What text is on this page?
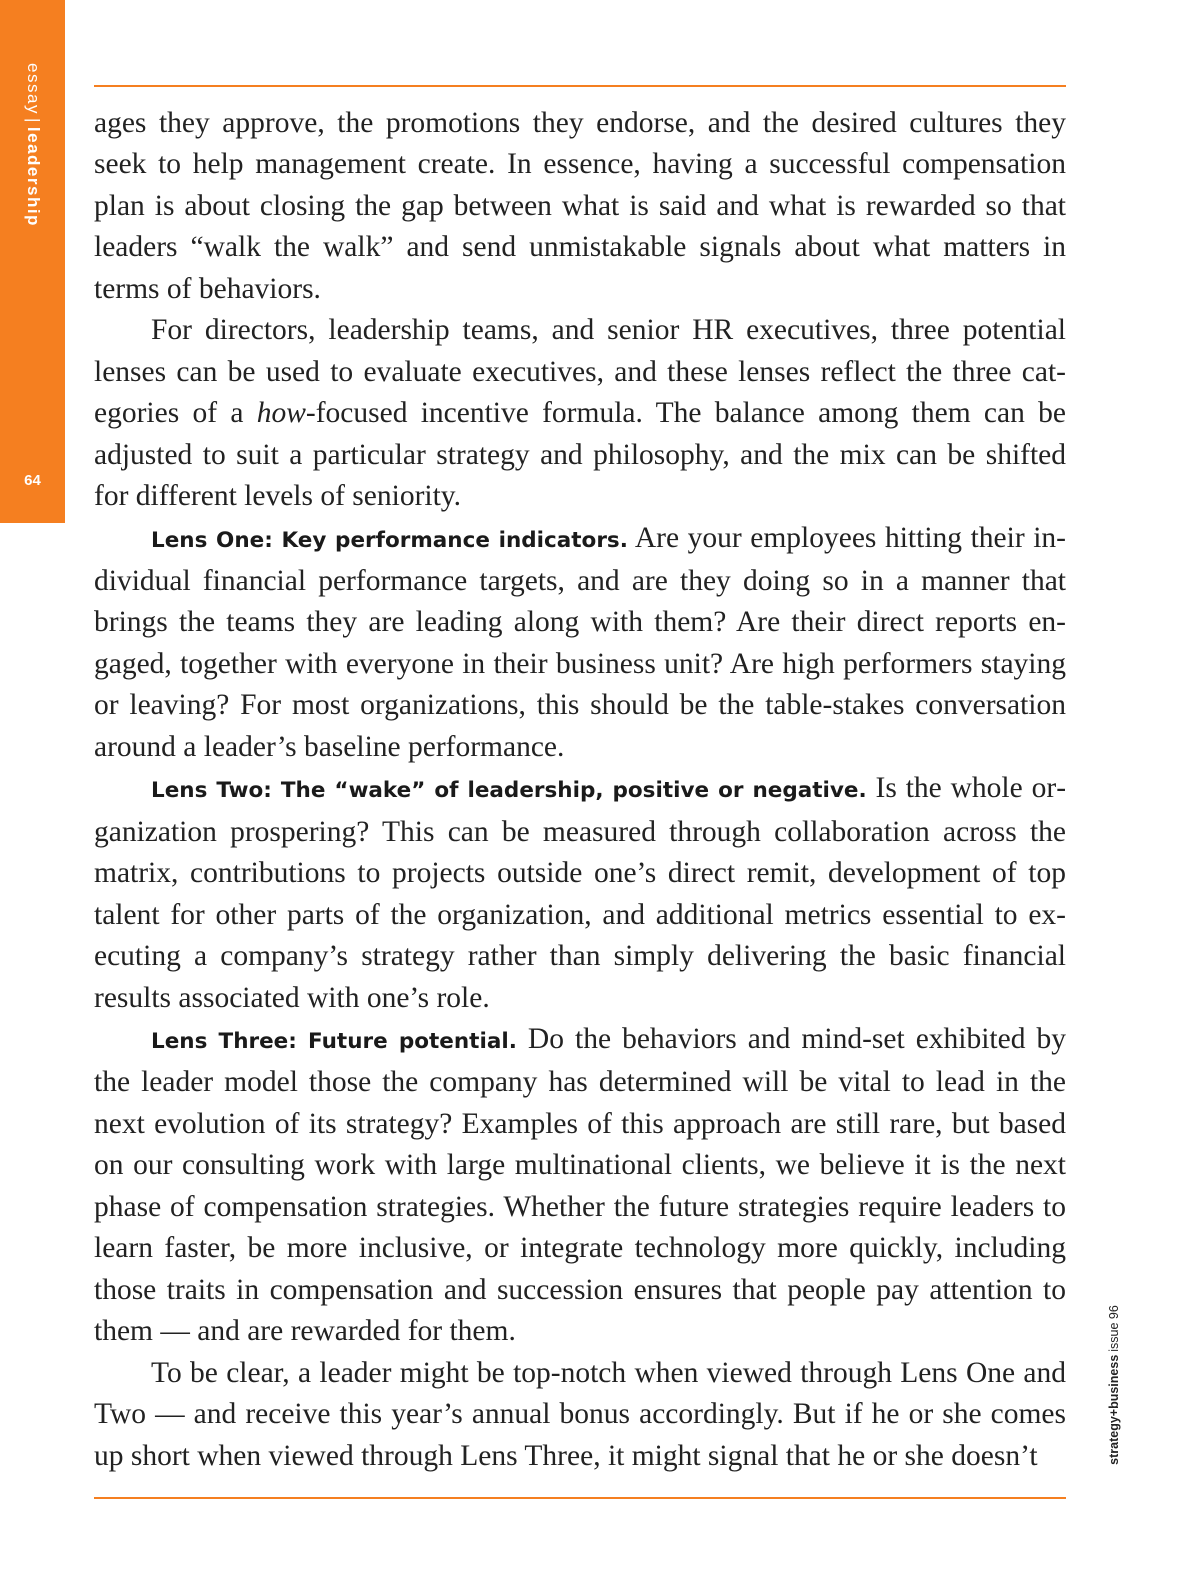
essay|leadership
64

ages they approve, the promotions they endorse, and the desired cultures they seek to help management create. In essence, having a successful compensation plan is about closing the gap between what is said and what is rewarded so that leaders “walk the walk” and send unmistakable signals about what matters in terms of behaviors.

For directors, leadership teams, and senior HR executives, three potential lenses can be used to evaluate executives, and these lenses reflect the three categories of a how-focused incentive formula. The balance among them can be adjusted to suit a particular strategy and philosophy, and the mix can be shifted for different levels of seniority.

Lens One: Key performance indicators. Are your employees hitting their individual financial performance targets, and are they doing so in a manner that brings the teams they are leading along with them? Are their direct reports engaged, together with everyone in their business unit? Are high performers staying or leaving? For most organizations, this should be the table-stakes conversation around a leader’s baseline performance.

Lens Two: The “wake” of leadership, positive or negative. Is the whole organization prospering? This can be measured through collaboration across the matrix, contributions to projects outside one’s direct remit, development of top talent for other parts of the organization, and additional metrics essential to executing a company’s strategy rather than simply delivering the basic financial results associated with one’s role.

Lens Three: Future potential. Do the behaviors and mind-set exhibited by the leader model those the company has determined will be vital to lead in the next evolution of its strategy? Examples of this approach are still rare, but based on our consulting work with large multinational clients, we believe it is the next phase of compensation strategies. Whether the future strategies require leaders to learn faster, be more inclusive, or integrate technology more quickly, including those traits in compensation and succession ensures that people pay attention to them — and are rewarded for them.

To be clear, a leader might be top-notch when viewed through Lens One and Two — and receive this year’s annual bonus accordingly. But if he or she comes up short when viewed through Lens Three, it might signal that he or she doesn’t	strategy+businessissue 96
